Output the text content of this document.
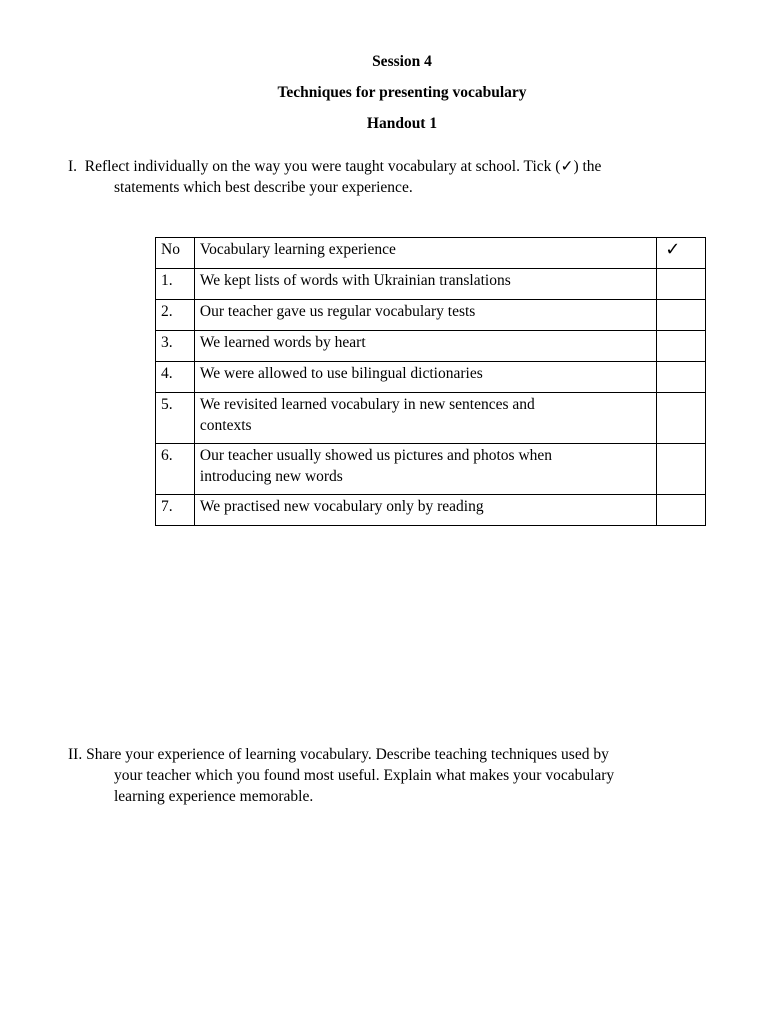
Session 4
Techniques for presenting vocabulary
Handout 1
I. Reflect individually on the way you were taught vocabulary at school. Tick (✓) the
statements which best describe your experience.
No	Vocabulary learning experience	✓
1.	We kept lists of words with Ukrainian translations	
2.	Our teacher gave us regular vocabulary tests	
3.	We learned words by heart	
4.	We were allowed to use bilingual dictionaries	
5.	We revisited learned vocabulary in new sentences and
contexts	

6.	Our teacher usually showed us pictures and photos when
introducing new words	

7.	We practised new vocabulary only by reading	
II. Share your experience of learning vocabulary. Describe teaching techniques used by
your teacher which you found most useful. Explain what makes your vocabulary
learning experience memorable.
